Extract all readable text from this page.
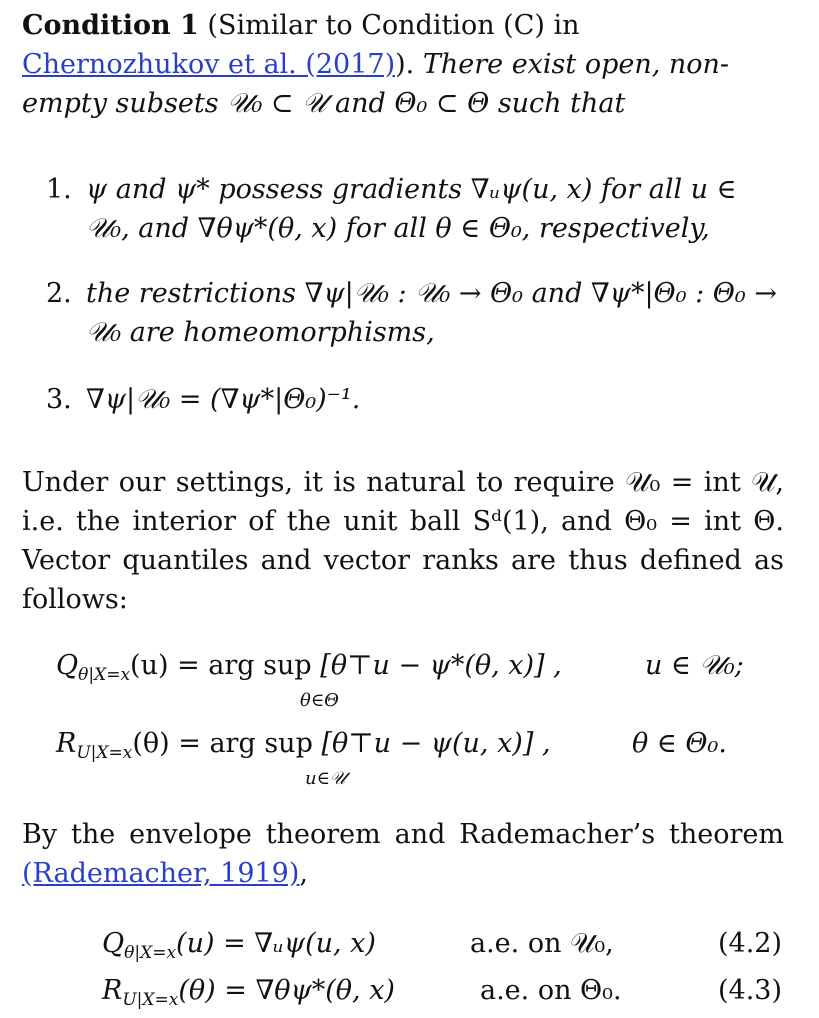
Condition 1 (Similar to Condition (C) in Chernozhukov et al. (2017)). There exist open, non-empty subsets 𝒰₀ ⊂ 𝒰 and Θ₀ ⊂ Θ such that
1. ψ and ψ* possess gradients ∇ᵤψ(u, x) for all u ∈ 𝒰₀, and ∇θψ*(θ, x) for all θ ∈ Θ₀, respectively,
2. the restrictions ∇ψ|𝒰₀ : 𝒰₀ → Θ₀ and ∇ψ*|Θ₀ : Θ₀ → 𝒰₀ are homeomorphisms,
3. ∇ψ|𝒰₀ = (∇ψ*|Θ₀)⁻¹.
Under our settings, it is natural to require 𝒰₀ = int 𝒰, i.e. the interior of the unit ball Sᵈ(1), and Θ₀ = int Θ. Vector quantiles and vector ranks are thus defined as follows:
$Q_{\theta|X=x}(u)$ = arg sup [θ⊤u − ψ*(θ, x)] ,
θ∈Θ
u ∈ 𝒰₀;
$R_{U|X=x}(\theta)$ = arg sup [θ⊤u − ψ(u, x)] ,
u∈𝒰
θ ∈ Θ₀.
By the envelope theorem and Rademacher’s theorem (Rademacher, 1919),
$Q_{\theta|X=x}(u)$ = ∇ᵤψ(u, x)	a.e. on 𝒰₀,	(4.2)
$R_{U|X=x}(\theta) = \nabla\theta\psi*(\theta$, x)	a.e. on Θ₀.	(4.3)
